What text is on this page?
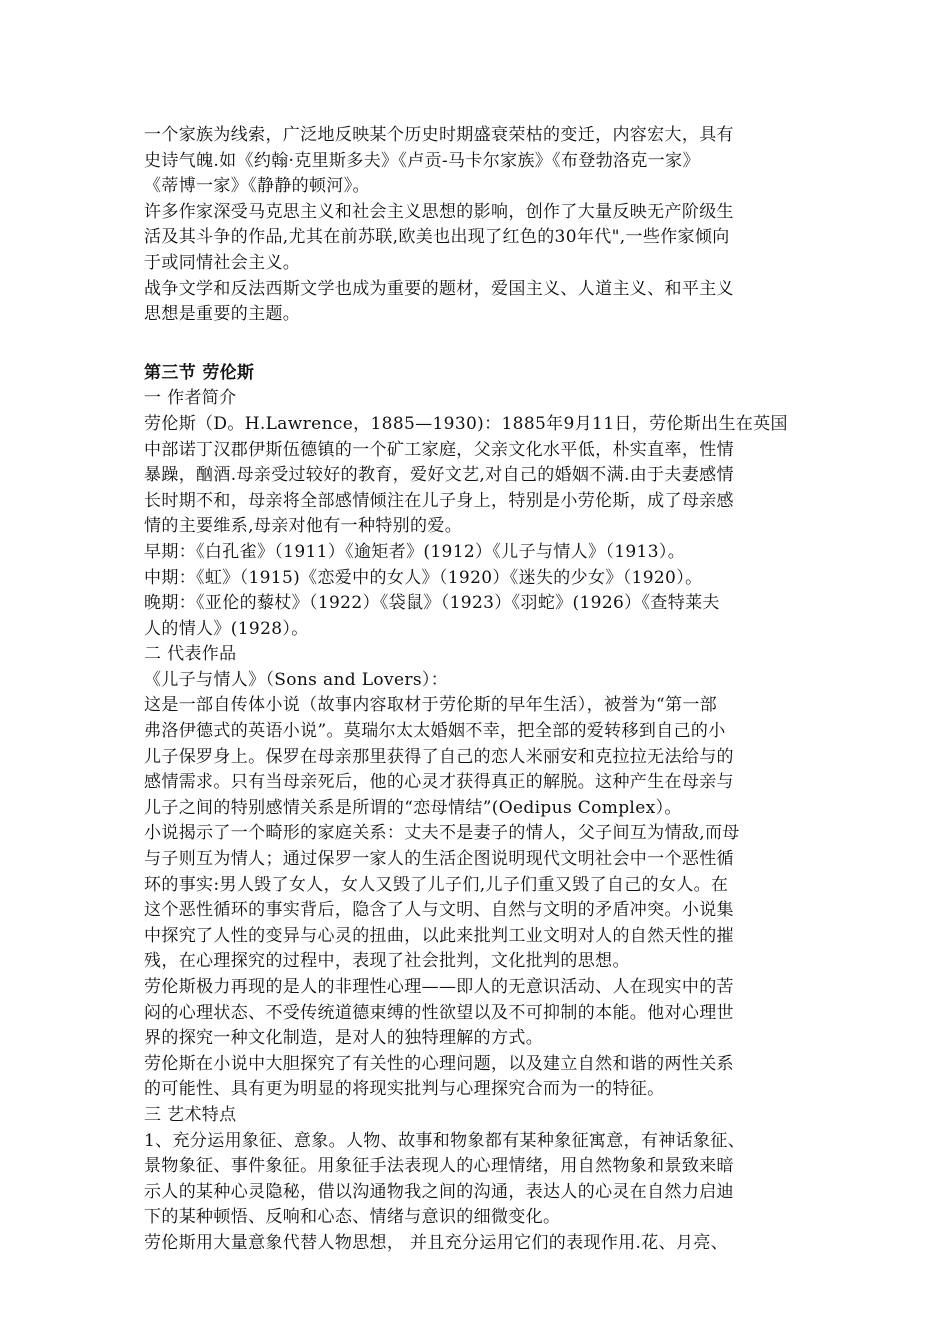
一个家族为线索，广泛地反映某个历史时期盛衰荣枯的变迁，内容宏大，具有
史诗气魄.如《约翰·克里斯多夫》《卢贡-马卡尔家族》《布登勃洛克一家》
《蒂博一家》《静静的顿河》。

许多作家深受马克思主义和社会主义思想的影响，创作了大量反映无产阶级生
活及其斗争的作品,尤其在前苏联,欧美也出现了红色的30年代",一些作家倾向
于或同情社会主义。

战争文学和反法西斯文学也成为重要的题材，爱国主义、人道主义、和平主义
思想是重要的主题。

第三节 劳伦斯

一 作者简介

劳伦斯（D。H.Lawrence，1885—1930)：1885年9月11日，劳伦斯出生在英国
中部诺丁汉郡伊斯伍德镇的一个矿工家庭，父亲文化水平低，朴实直率，性情
暴躁，酗酒.母亲受过较好的教育，爱好文艺,对自己的婚姻不满.由于夫妻感情
长时期不和，母亲将全部感情倾注在儿子身上，特别是小劳伦斯，成了母亲感
情的主要维系,母亲对他有一种特别的爱。

早期：《白孔雀》（1911）《逾矩者》(1912）《儿子与情人》（1913）。

中期：《虹》（1915)《恋爱中的女人》（1920）《迷失的少女》（1920）。

晚期：《亚伦的藜杖》（1922）《袋鼠》（1923）《羽蛇》(1926）《查特莱夫
人的情人》(1928）。

二 代表作品

《儿子与情人》（Sons and Lovers）：

这是一部自传体小说（故事内容取材于劳伦斯的早年生活），被誉为“第一部
弗洛伊德式的英语小说”。莫瑞尔太太婚姻不幸，把全部的爱转移到自己的小
儿子保罗身上。保罗在母亲那里获得了自己的恋人米丽安和克拉拉无法给与的
感情需求。只有当母亲死后，他的心灵才获得真正的解脱。这种产生在母亲与
儿子之间的特别感情关系是所谓的“恋母情结”(Oedipus Complex）。

小说揭示了一个畸形的家庭关系：丈夫不是妻子的情人，父子间互为情敌,而母
与子则互为情人；通过保罗一家人的生活企图说明现代文明社会中一个恶性循
环的事实:男人毁了女人，女人又毁了儿子们,儿子们重又毁了自己的女人。在
这个恶性循环的事实背后，隐含了人与文明、自然与文明的矛盾冲突。小说集
中探究了人性的变异与心灵的扭曲，以此来批判工业文明对人的自然天性的摧
残，在心理探究的过程中，表现了社会批判，文化批判的思想。

劳伦斯极力再现的是人的非理性心理——即人的无意识活动、人在现实中的苦
闷的心理状态、不受传统道德束缚的性欲望以及不可抑制的本能。他对心理世
界的探究一种文化制造，是对人的独特理解的方式。

劳伦斯在小说中大胆探究了有关性的心理问题，以及建立自然和谐的两性关系
的可能性、具有更为明显的将现实批判与心理探究合而为一的特征。

三 艺术特点

1、充分运用象征、意象。人物、故事和物象都有某种象征寓意，有神话象征、
景物象征、事件象征。用象征手法表现人的心理情绪，用自然物象和景致来暗
示人的某种心灵隐秘，借以沟通物我之间的沟通，表达人的心灵在自然力启迪
下的某种顿悟、反响和心态、情绪与意识的细微变化。

劳伦斯用大量意象代替人物思想， 并且充分运用它们的表现作用.花、月亮、
